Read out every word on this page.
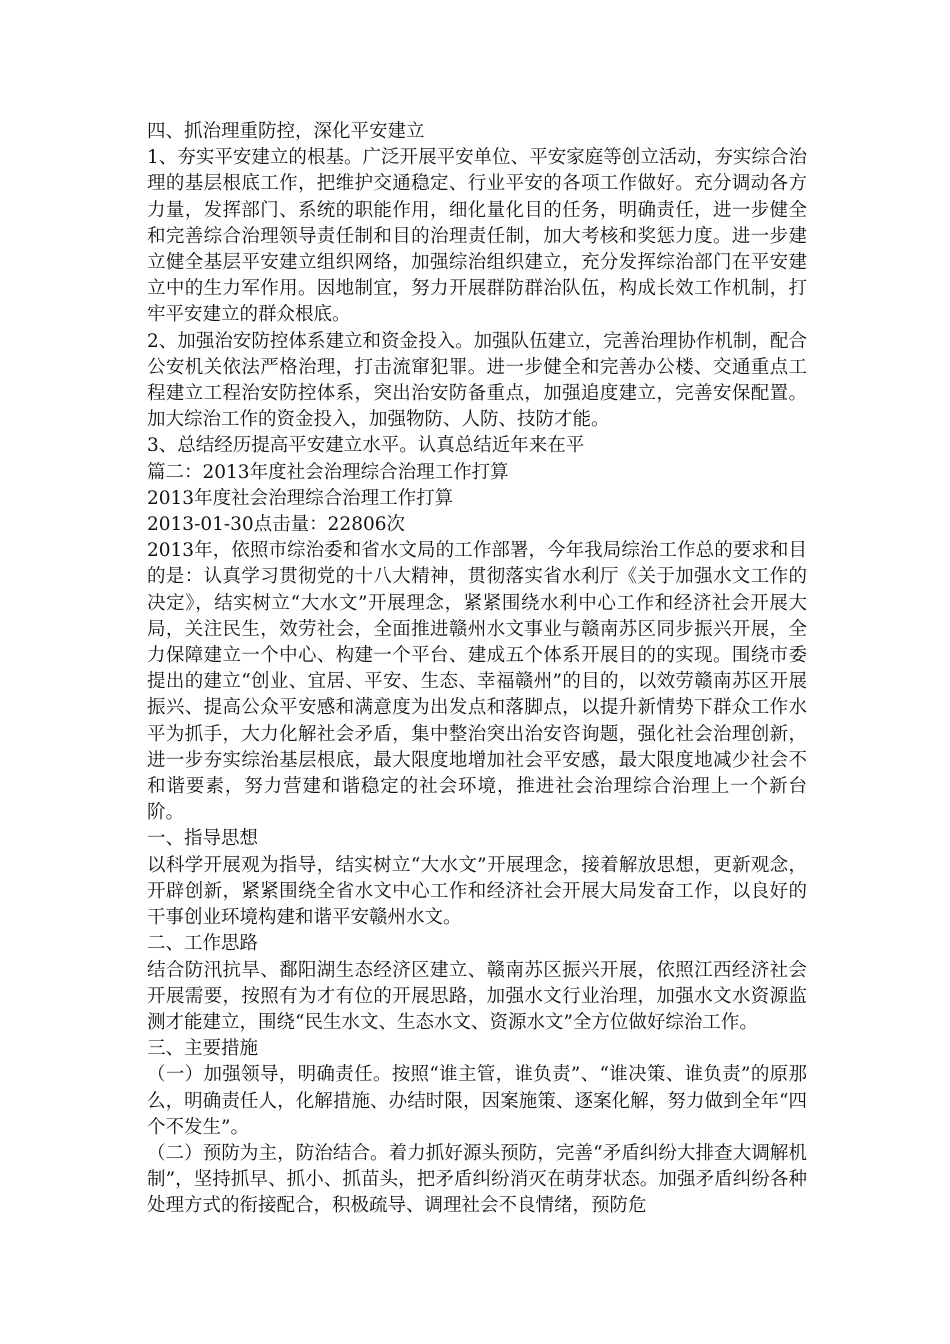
四、抓治理重防控，深化平安建立

1、夯实平安建立的根基。广泛开展平安单位、平安家庭等创立活动，夯实综合治理的基层根底工作，把维护交通稳定、行业平安的各项工作做好。充分调动各方力量，发挥部门、系统的职能作用，细化量化目的任务，明确责任，进一步健全和完善综合治理领导责任制和目的治理责任制，加大考核和奖惩力度。进一步建立健全基层平安建立组织网络，加强综治组织建立，充分发挥综治部门在平安建立中的生力军作用。因地制宜，努力开展群防群治队伍，构成长效工作机制，打牢平安建立的群众根底。

2、加强治安防控体系建立和资金投入。加强队伍建立，完善治理协作机制，配合公安机关依法严格治理，打击流窜犯罪。进一步健全和完善办公楼、交通重点工程建立工程治安防控体系，突出治安防备重点，加强追度建立，完善安保配置。加大综治工作的资金投入，加强物防、人防、技防才能。

3、总结经历提高平安建立水平。认真总结近年来在平

篇二：2013年度社会治理综合治理工作打算

2013年度社会治理综合治理工作打算

2013-01-30点击量：22806次

2013年，依照市综治委和省水文局的工作部署，今年我局综治工作总的要求和目的是：认真学习贯彻党的十八大精神，贯彻落实省水利厅《关于加强水文工作的决定》，结实树立“大水文”开展理念，紧紧围绕水利中心工作和经济社会开展大局，关注民生，效劳社会，全面推进赣州水文事业与赣南苏区同步振兴开展，全力保障建立一个中心、构建一个平台、建成五个体系开展目的的实现。围绕市委提出的建立“创业、宜居、平安、生态、幸福赣州”的目的，以效劳赣南苏区开展振兴、提高公众平安感和满意度为出发点和落脚点，以提升新情势下群众工作水平为抓手，大力化解社会矛盾，集中整治突出治安咨询题，强化社会治理创新，进一步夯实综治基层根底，最大限度地增加社会平安感，最大限度地减少社会不和谐要素，努力营建和谐稳定的社会环境，推进社会治理综合治理上一个新台阶。

一、指导思想

以科学开展观为指导，结实树立“大水文”开展理念，接着解放思想，更新观念，开辟创新，紧紧围绕全省水文中心工作和经济社会开展大局发奋工作，以良好的干事创业环境构建和谐平安赣州水文。

二、工作思路

结合防汛抗旱、鄱阳湖生态经济区建立、赣南苏区振兴开展，依照江西经济社会开展需要，按照有为才有位的开展思路，加强水文行业治理，加强水文水资源监测才能建立，围绕“民生水文、生态水文、资源水文”全方位做好综治工作。

三、主要措施

（一）加强领导，明确责任。按照“谁主管，谁负责”、“谁决策、谁负责”的原那么，明确责任人，化解措施、办结时限，因案施策、逐案化解，努力做到全年“四个不发生”。

（二）预防为主，防治结合。着力抓好源头预防，完善“矛盾纠纷大排查大调解机制”，坚持抓早、抓小、抓苗头，把矛盾纠纷消灭在萌芽状态。加强矛盾纠纷各种处理方式的衔接配合，积极疏导、调理社会不良情绪，预防危
